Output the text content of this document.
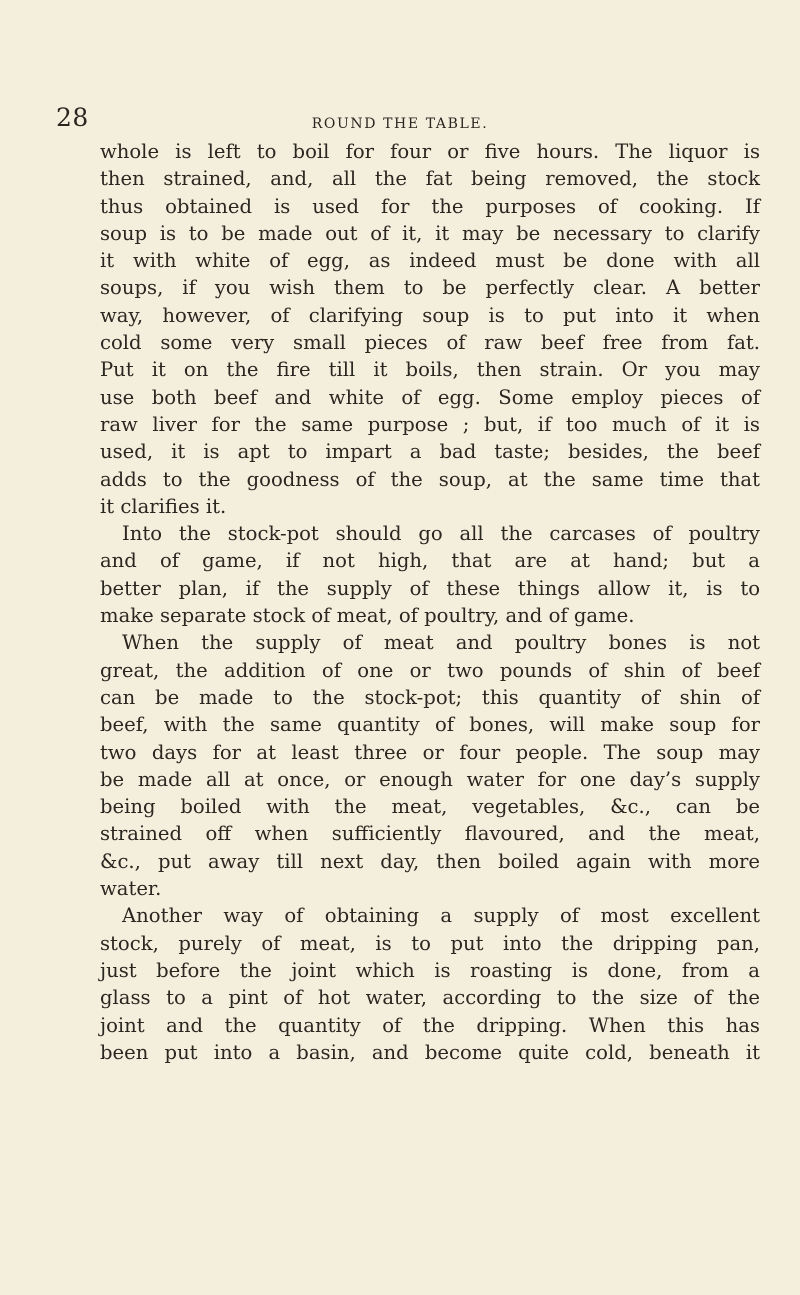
28	ROUND THE TABLE.
whole is left to boil for four or five hours. The liquor is
then strained, and, all the fat being removed, the stock
thus obtained is used for the purposes of cooking. If
soup is to be made out of it, it may be necessary to clarify
it with white of egg, as indeed must be done with all
soups, if you wish them to be perfectly clear. A better
way, however, of clarifying soup is to put into it when
cold some very small pieces of raw beef free from fat.
Put it on the fire till it boils, then strain. Or you may
use both beef and white of egg. Some employ pieces of
raw liver for the same purpose ; but, if too much of it is
used, it is apt to impart a bad taste; besides, the beef
adds to the goodness of the soup, at the same time that
it clarifies it.
Into the stock-pot should go all the carcases of poultry
and of game, if not high, that are at hand; but a
better plan, if the supply of these things allow it, is to
make separate stock of meat, of poultry, and of game.
When the supply of meat and poultry bones is not
great, the addition of one or two pounds of shin of beef
can be made to the stock-pot; this quantity of shin of
beef, with the same quantity of bones, will make soup for
two days for at least three or four people. The soup may
be made all at once, or enough water for one day’s supply
being boiled with the meat, vegetables, &c., can be
strained off when sufficiently flavoured, and the meat,
&c., put away till next day, then boiled again with more
water.
Another way of obtaining a supply of most excellent
stock, purely of meat, is to put into the dripping pan,
just before the joint which is roasting is done, from a
glass to a pint of hot water, according to the size of the
joint and the quantity of the dripping. When this has
been put into a basin, and become quite cold, beneath it
